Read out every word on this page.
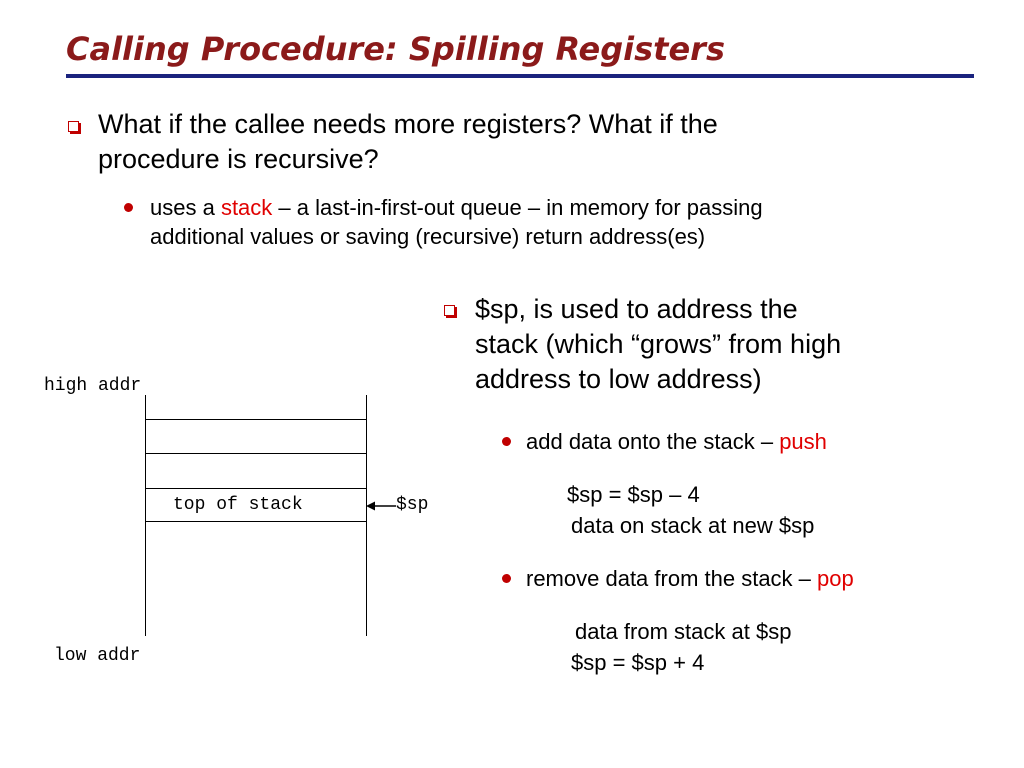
Calling Procedure: Spilling Registers
What if the callee needs more registers? What if the
procedure is recursive?
uses a stack – a last-in-first-out queue – in memory for passing
additional values or saving (recursive) return address(es)
$sp, is used to address the
stack (which “grows” from high
address to low address)
add data onto the stack – push
$sp = $sp – 4
data on stack at new $sp
remove data from the stack – pop
data from stack at $sp
$sp = $sp + 4
high addr
low addr
top of stack	$sp
